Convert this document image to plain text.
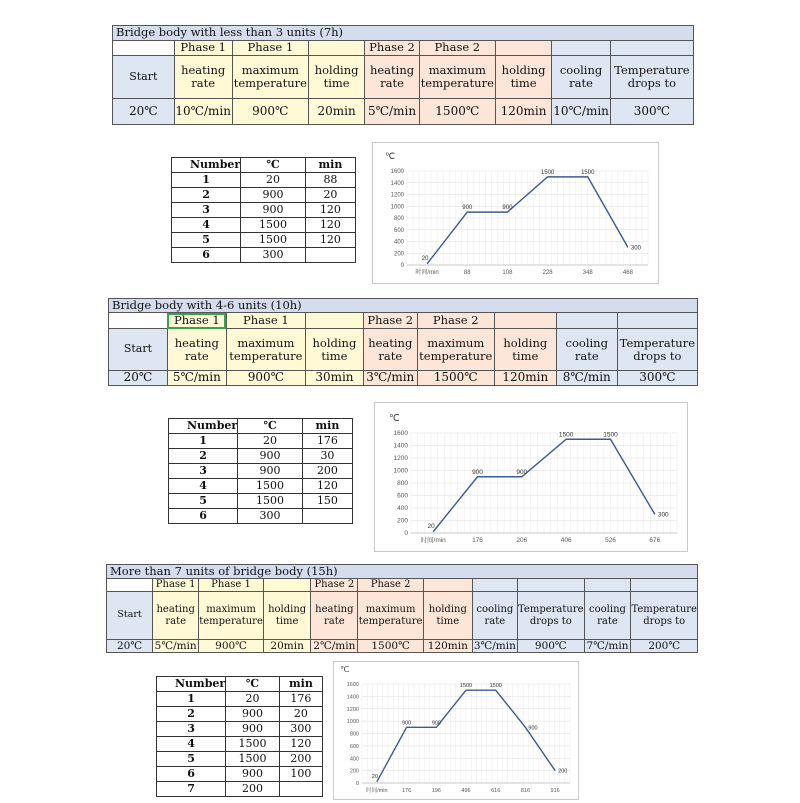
Bridge body with less than 3 units (7h)								
	Phase 1	Phase 1		Phase 2	Phase 2			
Start	heating rate	maximum temperature	holding time	heating rate	maximum temperature	holding time	cooling rate	Temperature drops to
20℃	10℃/min	900℃	20min	5℃/min	1500℃	120min	10℃/min	300℃
Number	℃	min
1	20	88
2	900	20
3	900	120
4	1500	120
5	1500	120
6	300	
0
200
400
600
800
1000
1200
1400
1600
℃
88	108	228	348	468
时间/min
20
900	900
1500	1500
300
Bridge body with 4-6 units (10h)								
	Phase 1	Phase 1		Phase 2	Phase 2			
Start	heating rate	maximum temperature	holding time	heating rate	maximum temperature	holding time	cooling rate	Temperature drops to
20℃	5℃/min	900℃	30min	3℃/min	1500℃	120min	8℃/min	300℃
Number	℃	min
1	20	176
2	900	30
3	900	200
4	1500	120
5	1500	150
6	300	
0
200
400
600
800
1000
1200
1400
1600
℃
176	206	406	526	676
时间/min
20
900	900
1500	1500
300
More than 7 units of bridge body (15h)										
	Phase 1	Phase 1		Phase 2	Phase 2					
Start	heating rate	maximum temperature	holding time	heating rate	maximum temperature	holding time	cooling rate	Temperature drops to	cooling rate	Temperature drops to
20℃	5℃/min	900℃	20min	2℃/min	1500℃	120min	3℃/min	900℃	7℃/min	200℃
Number	℃	min
1	20	176
2	900	20
3	900	300
4	1500	120
5	1500	200
6	900	100
7	200		0
200
400
600
800
1000
1200
1400
1600
℃
176	196	496	616	816	916
时间/min
20
900	900
1500	1500
900
200
